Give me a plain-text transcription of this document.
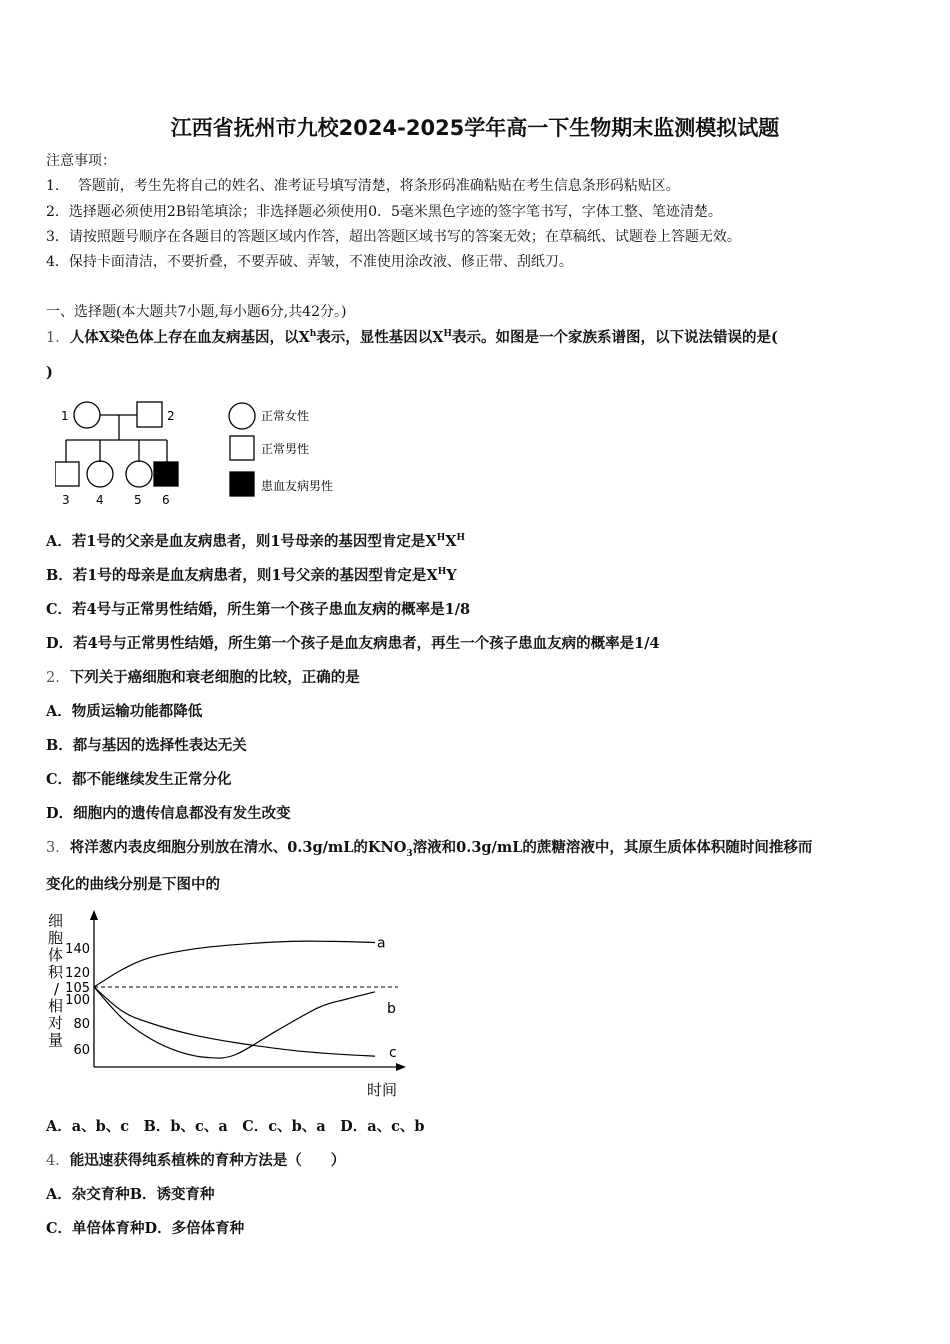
江西省抚州市九校2024-2025学年高一下生物期末监测模拟试题
注意事项：
1.　 答题前，考生先将自己的姓名、准考证号填写清楚，将条形码准确粘贴在考生信息条形码粘贴区。
2．选择题必须使用2B铅笔填涂；非选择题必须使用0．5毫米黑色字迹的签字笔书写，字体工整、笔迹清楚。
3．请按照题号顺序在各题目的答题区域内作答，超出答题区域书写的答案无效；在草稿纸、试题卷上答题无效。
4．保持卡面清洁，不要折叠，不要弄破、弄皱，不准使用涂改液、修正带、刮纸刀。
一、选择题(本大题共7小题,每小题6分,共42分。)
1．人体X染色体上存在血友病基因，以$X^h$表示，显性基因以$X^H$表示。如图是一个家族系谱图，以下说法错误的是(
)
1	2
3 4	5 6
正常女性
正常男性
患血友病男性
A．若1号的父亲是血友病患者，则1号母亲的基因型肯定是$X^HX^H$
B．若1号的母亲是血友病患者，则1号父亲的基因型肯定是$X^HY$
C．若4号与正常男性结婚，所生第一个孩子患血友病的概率是1/8
D．若4号与正常男性结婚，所生第一个孩子是血友病患者，再生一个孩子患血友病的概率是1/4
2．下列关于癌细胞和衰老细胞的比较，正确的是
A．物质运输功能都降低
B．都与基因的选择性表达无关
C．都不能继续发生正常分化
D．细胞内的遗传信息都没有发生改变
3．将洋葱内表皮细胞分别放在清水、0.3g/mL的$KNO_3$溶液和0.3g/mL的蔗糖溶液中，其原生质体体积随时间推移而
变化的曲线分别是下图中的
细
胞
体
积
/
相
对
量
140
120
105
100
80
60
a
b
c
时间
A．a、b、c　B．b、c、a　C．c、b、a　D．a、c、b
4．能迅速获得纯系植株的育种方法是（　　）
A．杂交育种B．诱变育种
C．单倍体育种D．多倍体育种
